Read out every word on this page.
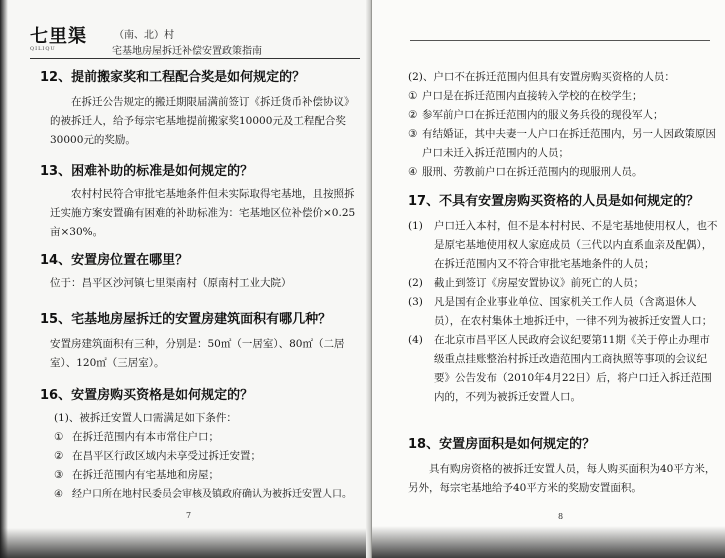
七里渠
QILIQU
（南、北）村
宅基地房屋拆迁补偿安置政策指南
12、提前搬家奖和工程配合奖是如何规定的？
在拆迁公告规定的搬迁期限届满前签订《拆迁货币补偿协议》的被拆迁人，给予每宗宅基地提前搬家奖10000元及工程配合奖30000元的奖励。
13、困难补助的标准是如何规定的？
农村村民符合审批宅基地条件但未实际取得宅基地，且按照拆迁实施方案安置确有困难的补助标准为：宅基地区位补偿价×0.25亩×30%。
14、安置房位置在哪里？
位于：昌平区沙河镇七里渠南村（原南村工业大院）
15、宅基地房屋拆迁的安置房建筑面积有哪几种？
安置房建筑面积有三种，分别是：50㎡（一居室）、80㎡（二居室）、120㎡（三居室）。
16、安置房购买资格是如何规定的？
(1)、被拆迁安置人口需满足如下条件：
① 在拆迁范围内有本市常住户口；
② 在昌平区行政区域内未享受过拆迁安置；
③ 在拆迁范围内有宅基地和房屋；
④ 经户口所在地村民委员会审核及镇政府确认为被拆迁安置人口。
7
(2)、户口不在拆迁范围内但具有安置房购买资格的人员：
① 户口是在拆迁范围内直接转入学校的在校学生；
② 参军前户口在拆迁范围内的服义务兵役的现役军人；
③ 有结婚证，其中夫妻一人户口在拆迁范围内，另一人因政策原因户口未迁入拆迁范围内的人员；
④ 服刑、劳教前户口在拆迁范围内的现服刑人员。
17、不具有安置房购买资格的人员是如何规定的？
(1) 户口迁入本村，但不是本村村民、不是宅基地使用权人，也不是原宅基地使用权人家庭成员（三代以内直系血亲及配偶），在拆迁范围内又不符合审批宅基地条件的人员；
(2) 截止到签订《房屋安置协议》前死亡的人员；
(3) 凡是国有企业事业单位、国家机关工作人员（含离退休人员），在农村集体土地拆迁中，一律不列为被拆迁安置人口；
(4) 在北京市昌平区人民政府会议纪要第11期《关于停止办理市级重点挂账整治村拆迁改造范围内工商执照等事项的会议纪要》公告发布（2010年4月22日）后，将户口迁入拆迁范围内的，不列为被拆迁安置人口。
18、安置房面积是如何规定的？
具有购房资格的被拆迁安置人员，每人购买面积为40平方米，另外，每宗宅基地给予40平方米的奖励安置面积。
8
